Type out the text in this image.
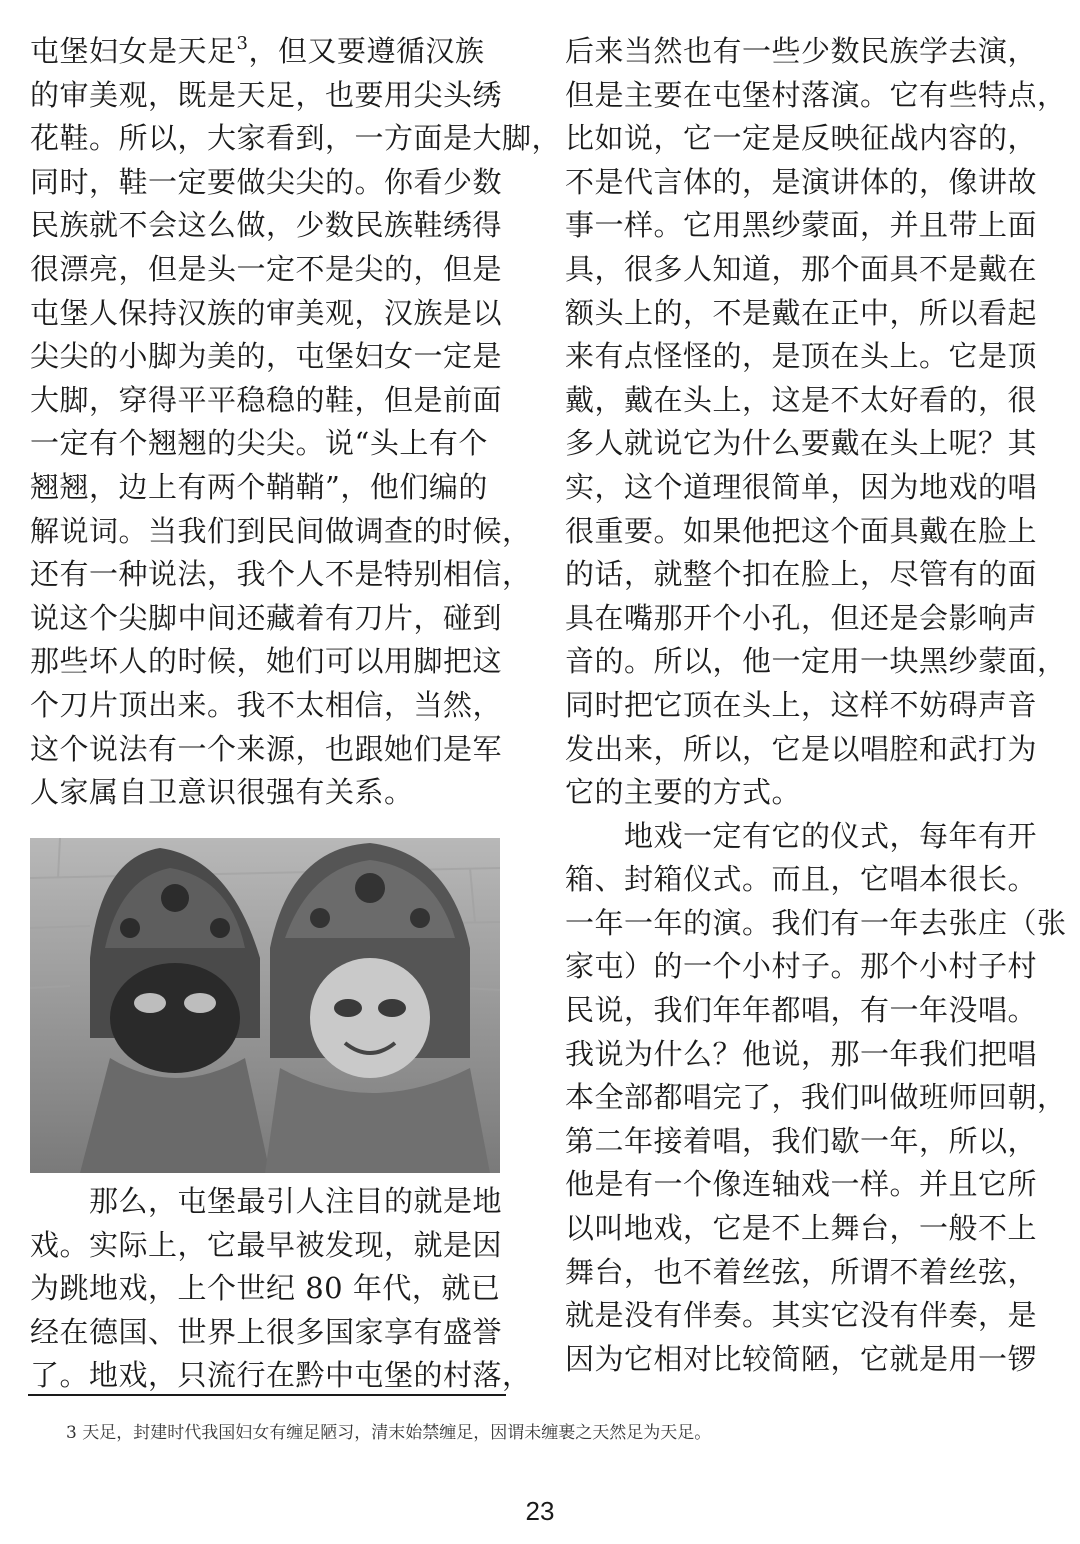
屯堡妇女是天足$^3$，但又要遵循汉族
的审美观，既是天足，也要用尖头绣
花鞋。所以，大家看到，一方面是大脚，
同时，鞋一定要做尖尖的。你看少数
民族就不会这么做，少数民族鞋绣得
很漂亮，但是头一定不是尖的，但是
屯堡人保持汉族的审美观，汉族是以
尖尖的小脚为美的，屯堡妇女一定是
大脚，穿得平平稳稳的鞋，但是前面
一定有个翘翘的尖尖。说“头上有个
翘翘，边上有两个鞘鞘”，他们编的
解说词。当我们到民间做调查的时候，
还有一种说法，我个人不是特别相信，
说这个尖脚中间还藏着有刀片，碰到
那些坏人的时候，她们可以用脚把这
个刀片顶出来。我不太相信，当然，
这个说法有一个来源，也跟她们是军
人家属自卫意识很强有关系。
　　那么，屯堡最引人注目的就是地
戏。实际上，它最早被发现，就是因
为跳地戏，上个世纪 80 年代，就已
经在德国、世界上很多国家享有盛誉
了。地戏，只流行在黔中屯堡的村落，
后来当然也有一些少数民族学去演，
但是主要在屯堡村落演。它有些特点，
比如说，它一定是反映征战内容的，
不是代言体的，是演讲体的，像讲故
事一样。它用黑纱蒙面，并且带上面
具，很多人知道，那个面具不是戴在
额头上的，不是戴在正中，所以看起
来有点怪怪的，是顶在头上。它是顶
戴，戴在头上，这是不太好看的，很
多人就说它为什么要戴在头上呢？其
实，这个道理很简单，因为地戏的唱
很重要。如果他把这个面具戴在脸上
的话，就整个扣在脸上，尽管有的面
具在嘴那开个小孔，但还是会影响声
音的。所以，他一定用一块黑纱蒙面，
同时把它顶在头上，这样不妨碍声音
发出来，所以，它是以唱腔和武打为
它的主要的方式。
　　地戏一定有它的仪式，每年有开
箱、封箱仪式。而且，它唱本很长。
一年一年的演。我们有一年去张庄（张
家屯）的一个小村子。那个小村子村
民说，我们年年都唱，有一年没唱。
我说为什么？他说，那一年我们把唱
本全部都唱完了，我们叫做班师回朝，
第二年接着唱，我们歇一年，所以，
他是有一个像连轴戏一样。并且它所
以叫地戏，它是不上舞台，一般不上
舞台，也不着丝弦，所谓不着丝弦，
就是没有伴奏。其实它没有伴奏，是
因为它相对比较简陋，它就是用一锣
3 天足，封建时代我国妇女有缠足陋习，清末始禁缠足，因谓未缠裹之天然足为天足。
23
